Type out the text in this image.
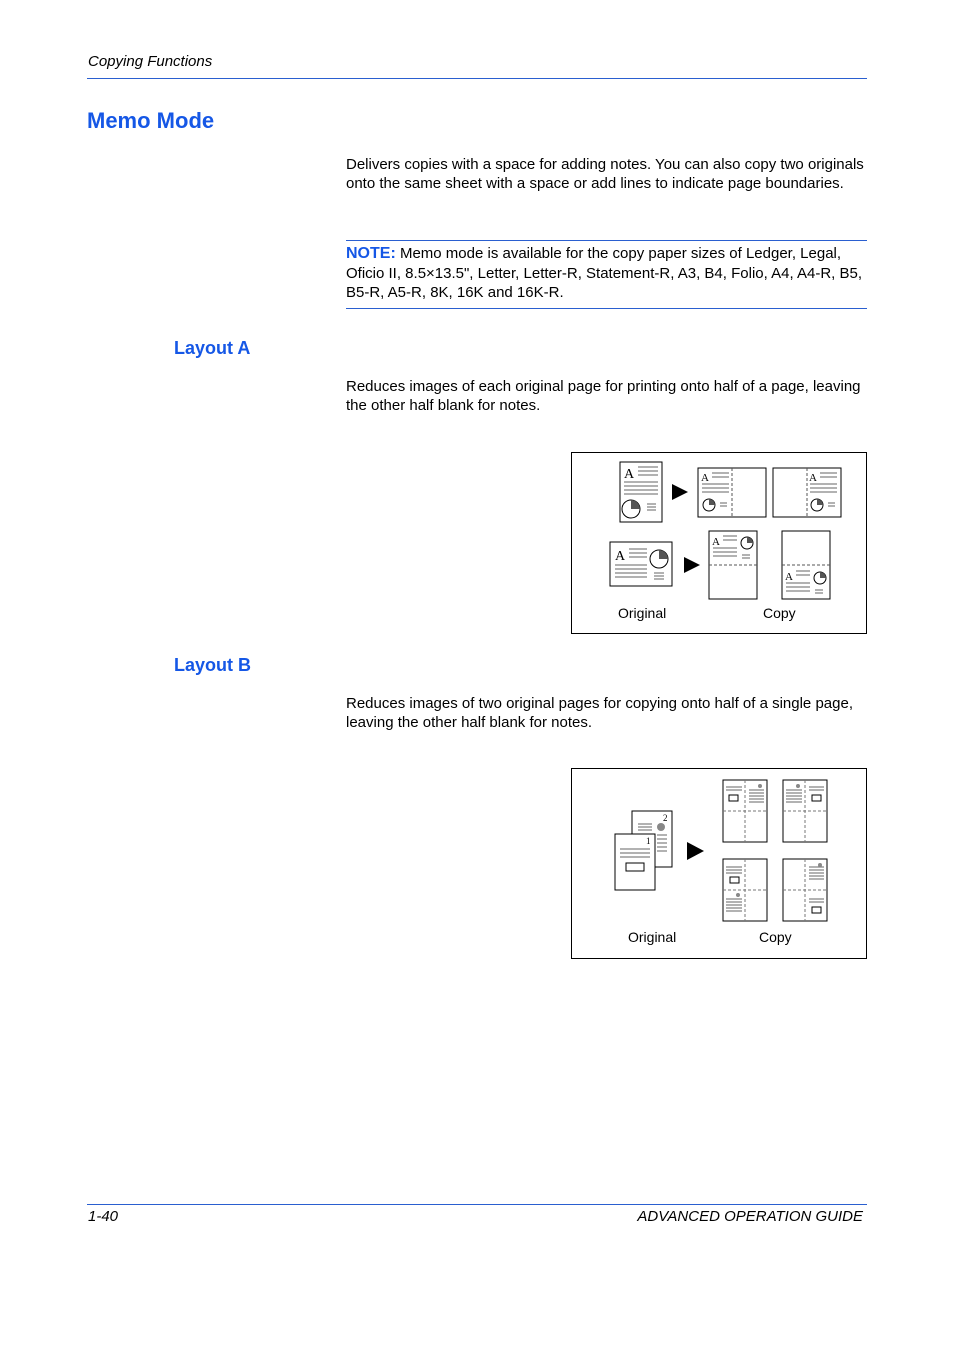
Copying Functions
Memo Mode
Delivers copies with a space for adding notes. You can also copy two originals onto the same sheet with a space or add lines to indicate page boundaries.
NOTE: Memo mode is available for the copy paper sizes of Ledger, Legal, Oficio II, 8.5×13.5", Letter, Letter-R, Statement-R, A3, B4, Folio, A4, A4-R, B5, B5-R, A5-R, 8K, 16K and 16K-R.
Layout A
Reduces images of each original page for printing onto half of a page, leaving the other half blank for notes.
A	A	A
A
A
A
Original	Copy
Layout B
Reduces images of two original pages for copying onto half of a single page, leaving the other half blank for notes.
2
1
Original	Copy
1-40	ADVANCED OPERATION GUIDE
